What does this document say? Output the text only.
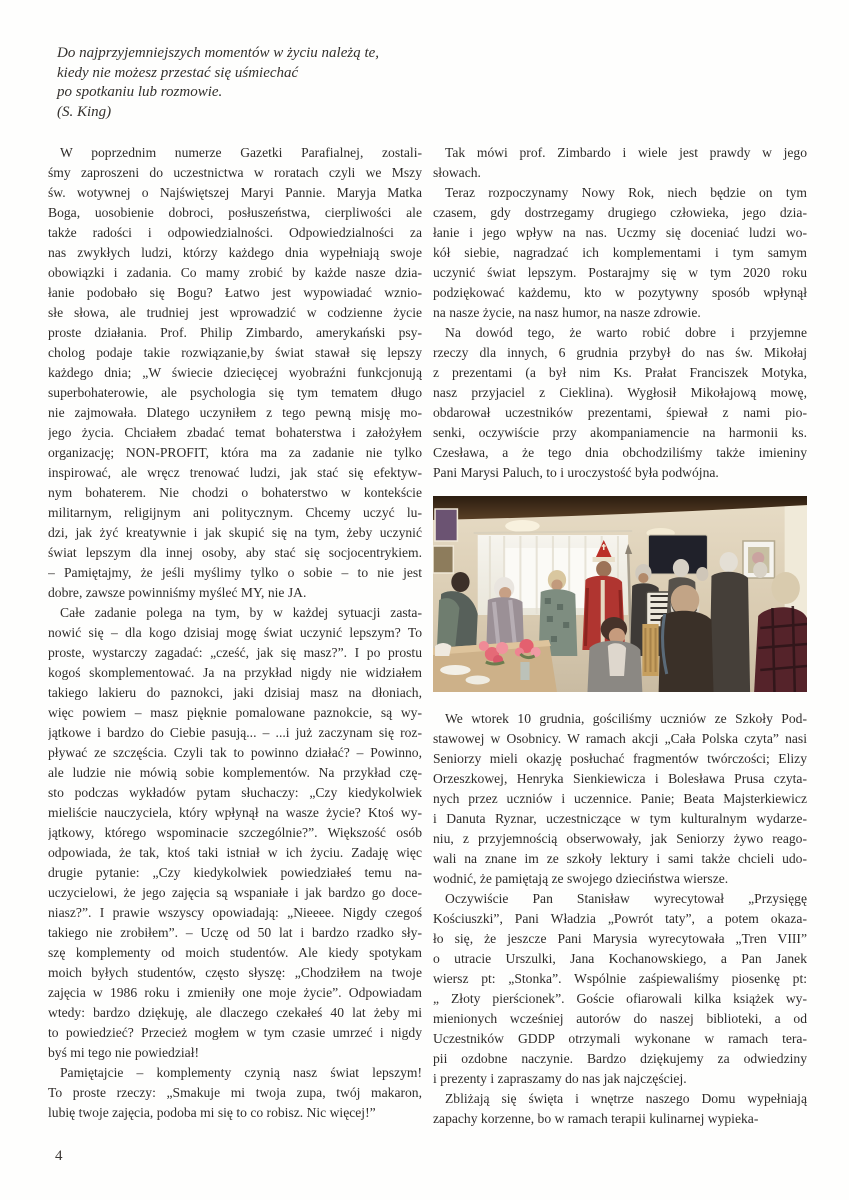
Do najprzyjemniejszych momentów w życiu należą te,
kiedy nie możesz przestać się uśmiechać
po spotkaniu lub rozmowie.
(S. King)
W poprzednim numerze Gazetki Parafialnej, zostali-
śmy zaproszeni do uczestnictwa w roratach czyli we Mszy
św. wotywnej o Najświętszej Maryi Pannie. Maryja Matka
Boga, uosobienie dobroci, posłuszeństwa, cierpliwości ale
także radości i odpowiedzialności. Odpowiedzialności za
nas zwykłych ludzi, którzy każdego dnia wypełniają swoje
obowiązki i zadania. Co mamy zrobić by każde nasze dzia-
łanie podobało się Bogu? Łatwo jest wypowiadać wznio-
słe słowa, ale trudniej jest wprowadzić w codzienne życie
proste działania. Prof. Philip Zimbardo, amerykański psy-
cholog podaje takie rozwiązanie,by świat stawał się lepszy
każdego dnia; „W świecie dziecięcej wyobraźni funkcjonują
superbohaterowie, ale psychologia się tym tematem długo
nie zajmowała. Dlatego uczyniłem z tego pewną misję mo-
jego życia. Chciałem zbadać temat bohaterstwa i założyłem
organizację; NON-PROFIT, która ma za zadanie nie tylko
inspirować, ale wręcz trenować ludzi, jak stać się efektyw-
nym bohaterem. Nie chodzi o bohaterstwo w kontekście
militarnym, religijnym ani politycznym. Chcemy uczyć lu-
dzi, jak żyć kreatywnie i jak skupić się na tym, żeby uczynić
świat lepszym dla innej osoby, aby stać się socjocentrykiem.
– Pamiętajmy, że jeśli myślimy tylko o sobie – to nie jest
dobre, zawsze powinniśmy myśleć MY, nie JA.
Całe zadanie polega na tym, by w każdej sytuacji zasta-
nowić się – dla kogo dzisiaj mogę świat uczynić lepszym? To
proste, wystarczy zagadać: „cześć, jak się masz?”. I po prostu
kogoś skomplementować. Ja na przykład nigdy nie widziałem
takiego lakieru do paznokci, jaki dzisiaj masz na dłoniach,
więc powiem – masz pięknie pomalowane paznokcie, są wy-
jątkowe i bardzo do Ciebie pasują... – ...i już zaczynam się roz-
pływać ze szczęścia. Czyli tak to powinno działać? – Powinno,
ale ludzie nie mówią sobie komplementów. Na przykład czę-
sto podczas wykładów pytam słuchaczy: „Czy kiedykolwiek
mieliście nauczyciela, który wpłynął na wasze życie? Ktoś wy-
jątkowy, którego wspominacie szczególnie?”. Większość osób
odpowiada, że tak, ktoś taki istniał w ich życiu. Zadaję więc
drugie pytanie: „Czy kiedykolwiek powiedziałeś temu na-
uczycielowi, że jego zajęcia są wspaniałe i jak bardzo go doce-
niasz?”. I prawie wszyscy opowiadają: „Nieeee. Nigdy czegoś
takiego nie zrobiłem”. – Uczę od 50 lat i bardzo rzadko sły-
szę komplementy od moich studentów. Ale kiedy spotykam
moich byłych studentów, często słyszę: „Chodziłem na twoje
zajęcia w 1986 roku i zmieniły one moje życie”. Odpowiadam
wtedy: bardzo dziękuję, ale dlaczego czekałeś 40 lat żeby mi
to powiedzieć? Przecież mogłem w tym czasie umrzeć i nigdy
byś mi tego nie powiedział!
Pamiętajcie – komplementy czynią nasz świat lepszym!
To proste rzeczy: „Smakuje mi twoja zupa, twój makaron,
lubię twoje zajęcia, podoba mi się to co robisz. Nic więcej!”
Tak mówi prof. Zimbardo i wiele jest prawdy w jego
słowach.
Teraz rozpoczynamy Nowy Rok, niech będzie on tym
czasem, gdy dostrzegamy drugiego człowieka, jego dzia-
łanie i jego wpływ na nas. Uczmy się doceniać ludzi wo-
kół siebie, nagradzać ich komplementami i tym samym
uczynić świat lepszym. Postarajmy się w tym 2020 roku
podziękować każdemu, kto w pozytywny sposób wpłynął
na nasze życie, na nasz humor, na nasze zdrowie.
Na dowód tego, że warto robić dobre i przyjemne
rzeczy dla innych, 6 grudnia przybył do nas św. Mikołaj
z prezentami (a był nim Ks. Prałat Franciszek Motyka,
nasz przyjaciel z Cieklina). Wygłosił Mikołajową mowę,
obdarował uczestników prezentami, śpiewał z nami pio-
senki, oczywiście przy akompaniamencie na harmonii ks.
Czesława, a że tego dnia obchodziliśmy także imieniny
Pani Marysi Paluch, to i uroczystość była podwójna.
We wtorek 10 grudnia, gościliśmy uczniów ze Szkoły Pod-
stawowej w Osobnicy. W ramach akcji „Cała Polska czyta” nasi
Seniorzy mieli okazję posłuchać fragmentów twórczości; Elizy
Orzeszkowej, Henryka Sienkiewicza i Bolesława Prusa czyta-
nych przez uczniów i uczennice. Panie; Beata Majsterkiewicz
i Danuta Ryznar, uczestniczące w tym kulturalnym wydarze-
niu, z przyjemnością obserwowały, jak Seniorzy żywo reago-
wali na znane im ze szkoły lektury i sami także chcieli udo-
wodnić, że pamiętają ze swojego dzieciństwa wiersze.
Oczywiście Pan Stanisław wyrecytował „Przysięgę
Kościuszki”, Pani Władzia „Powrót taty”, a potem okaza-
ło się, że jeszcze Pani Marysia wyrecytowała „Tren VIII”
o utracie Urszulki, Jana Kochanowskiego, a Pan Janek
wiersz pt: „Stonka”. Wspólnie zaśpiewaliśmy piosenkę pt:
„ Złoty pierścionek”. Goście ofiarowali kilka książek wy-
mienionych wcześniej autorów do naszej biblioteki, a od
Uczestników GDDP otrzymali wykonane w ramach tera-
pii ozdobne naczynie. Bardzo dziękujemy za odwiedziny
i prezenty i zapraszamy do nas jak najczęściej.
Zbliżają się święta i wnętrze naszego Domu wypełniają
zapachy korzenne, bo w ramach terapii kulinarnej wypieka-
4
